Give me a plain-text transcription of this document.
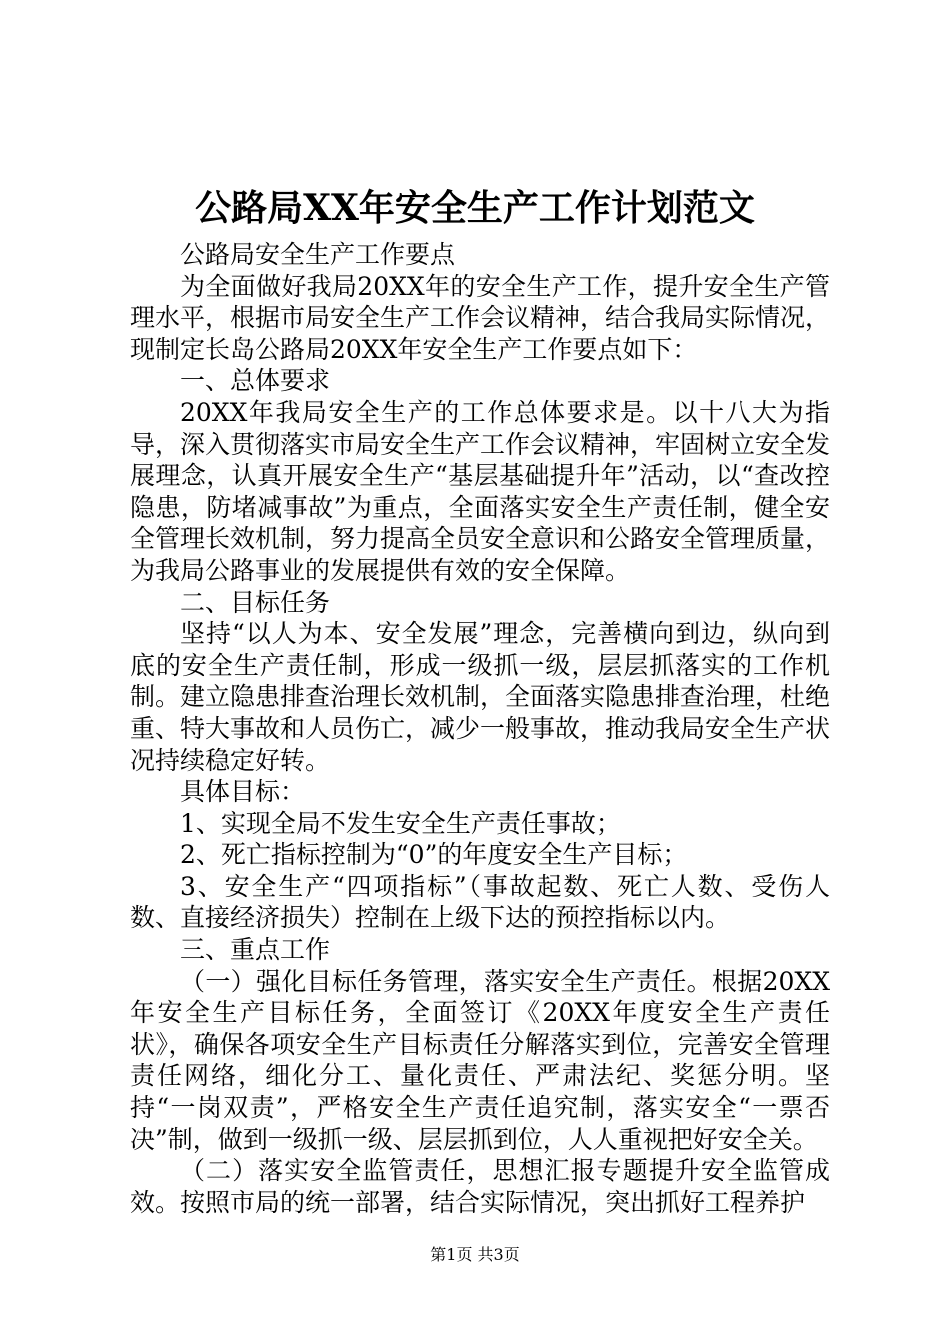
公路局XX年安全生产工作计划范文

公路局安全生产工作要点

为全面做好我局20XX年的安全生产工作，提升安全生产管理水平，根据市局安全生产工作会议精神，结合我局实际情况，现制定长岛公路局20XX年安全生产工作要点如下：

一、总体要求

20XX年我局安全生产的工作总体要求是。以十八大为指导，深入贯彻落实市局安全生产工作会议精神，牢固树立安全发展理念，认真开展安全生产“基层基础提升年”活动，以“查改控隐患，防堵减事故”为重点，全面落实安全生产责任制，健全安全管理长效机制，努力提高全员安全意识和公路安全管理质量，为我局公路事业的发展提供有效的安全保障。

二、目标任务

坚持“以人为本、安全发展”理念，完善横向到边，纵向到底的安全生产责任制，形成一级抓一级，层层抓落实的工作机制。建立隐患排查治理长效机制，全面落实隐患排查治理，杜绝重、特大事故和人员伤亡，减少一般事故，推动我局安全生产状况持续稳定好转。

具体目标：

1、实现全局不发生安全生产责任事故；

2、死亡指标控制为“0”的年度安全生产目标；

3、安全生产“四项指标”（事故起数、死亡人数、受伤人数、直接经济损失）控制在上级下达的预控指标以内。

三、重点工作

（一）强化目标任务管理，落实安全生产责任。根据20XX年安全生产目标任务，全面签订《20XX年度安全生产责任状》，确保各项安全生产目标责任分解落实到位，完善安全管理责任网络，细化分工、量化责任、严肃法纪、奖惩分明。坚持“一岗双责”，严格安全生产责任追究制，落实安全“一票否决”制，做到一级抓一级、层层抓到位，人人重视把好安全关。

（二）落实安全监管责任，思想汇报专题提升安全监管成效。按照市局的统一部署，结合实际情况，突出抓好工程养护

第1页 共3页
